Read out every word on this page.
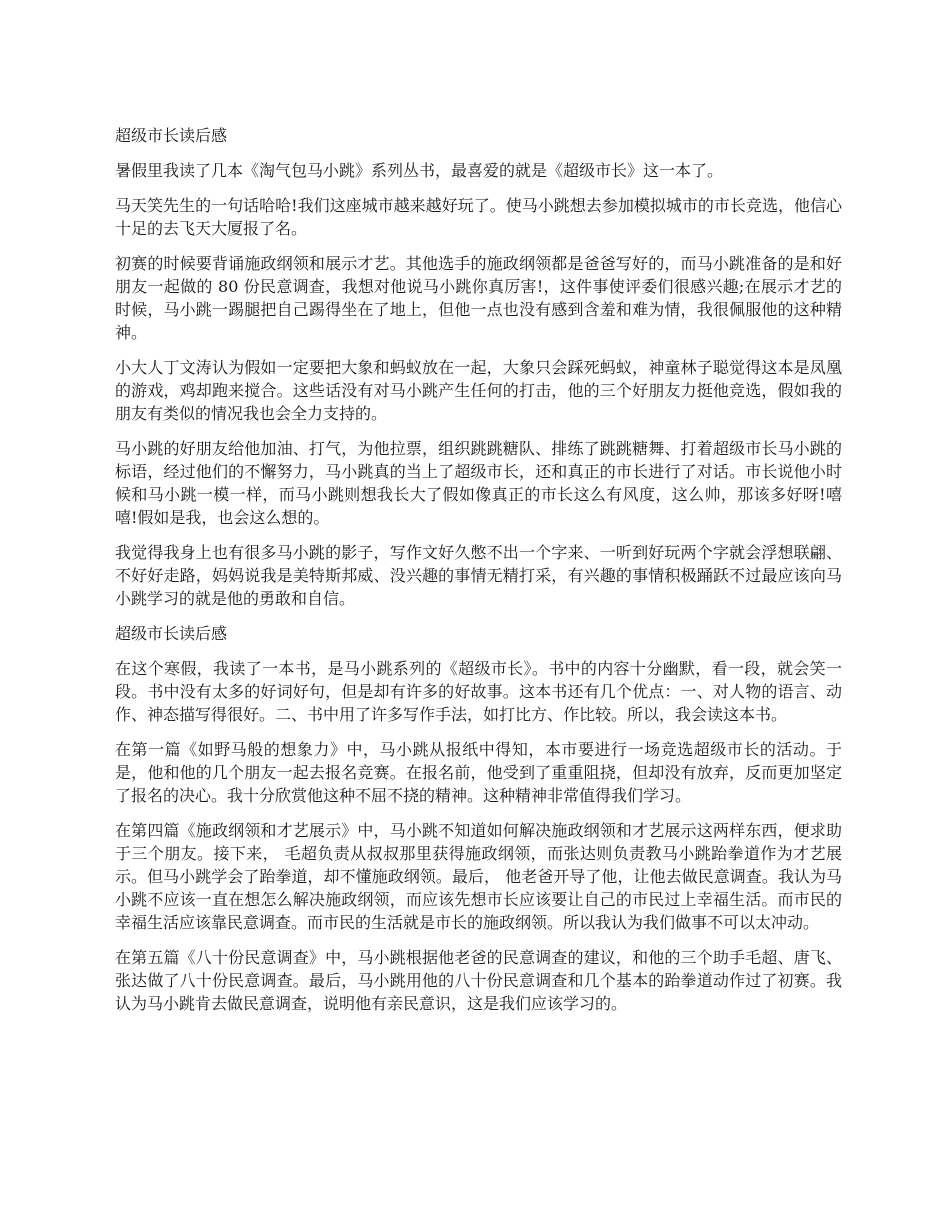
超级市长读后感

暑假里我读了几本《淘气包马小跳》系列丛书，最喜爱的就是《超级市长》这一本了。

马天笑先生的一句话哈哈!我们这座城市越来越好玩了。使马小跳想去参加模拟城市的市长竞选，他信心十足的去飞天大厦报了名。

初赛的时候要背诵施政纲领和展示才艺。其他选手的施政纲领都是爸爸写好的，而马小跳准备的是和好朋友一起做的 80 份民意调查，我想对他说马小跳你真厉害!，这件事使评委们很感兴趣;在展示才艺的时候，马小跳一踢腿把自己踢得坐在了地上，但他一点也没有感到含羞和难为情，我很佩服他的这种精神。

小大人丁文涛认为假如一定要把大象和蚂蚁放在一起，大象只会踩死蚂蚁，神童林子聪觉得这本是凤凰的游戏，鸡却跑来搅合。这些话没有对马小跳产生任何的打击，他的三个好朋友力挺他竞选，假如我的朋友有类似的情况我也会全力支持的。

马小跳的好朋友给他加油、打气，为他拉票，组织跳跳糖队、排练了跳跳糖舞、打着超级市长马小跳的标语，经过他们的不懈努力，马小跳真的当上了超级市长，还和真正的市长进行了对话。市长说他小时候和马小跳一模一样，而马小跳则想我长大了假如像真正的市长这么有风度，这么帅，那该多好呀!嘻嘻!假如是我，也会这么想的。

我觉得我身上也有很多马小跳的影子，写作文好久憋不出一个字来、一听到好玩两个字就会浮想联翩、不好好走路，妈妈说我是美特斯邦威、没兴趣的事情无精打采，有兴趣的事情积极踊跃不过最应该向马小跳学习的就是他的勇敢和自信。

超级市长读后感

在这个寒假，我读了一本书，是马小跳系列的《超级市长》。书中的内容十分幽默，看一段，就会笑一段。书中没有太多的好词好句，但是却有许多的好故事。这本书还有几个优点：一、对人物的语言、动作、神态描写得很好。二、书中用了许多写作手法，如打比方、作比较。所以，我会读这本书。

在第一篇《如野马般的想象力》中，马小跳从报纸中得知，本市要进行一场竞选超级市长的活动。于是，他和他的几个朋友一起去报名竞赛。在报名前，他受到了重重阻挠，但却没有放弃，反而更加坚定了报名的决心。我十分欣赏他这种不屈不挠的精神。这种精神非常值得我们学习。

在第四篇《施政纲领和才艺展示》中，马小跳不知道如何解决施政纲领和才艺展示这两样东西，便求助于三个朋友。接下来， 毛超负责从叔叔那里获得施政纲领，而张达则负责教马小跳跆拳道作为才艺展示。但马小跳学会了跆拳道，却不懂施政纲领。最后， 他老爸开导了他，让他去做民意调查。我认为马小跳不应该一直在想怎么解决施政纲领，而应该先想市长应该要让自己的市民过上幸福生活。而市民的幸福生活应该靠民意调查。而市民的生活就是市长的施政纲领。所以我认为我们做事不可以太冲动。

在第五篇《八十份民意调查》中，马小跳根据他老爸的民意调查的建议，和他的三个助手毛超、唐飞、张达做了八十份民意调查。最后，马小跳用他的八十份民意调查和几个基本的跆拳道动作过了初赛。我认为马小跳肯去做民意调查，说明他有亲民意识，这是我们应该学习的。
